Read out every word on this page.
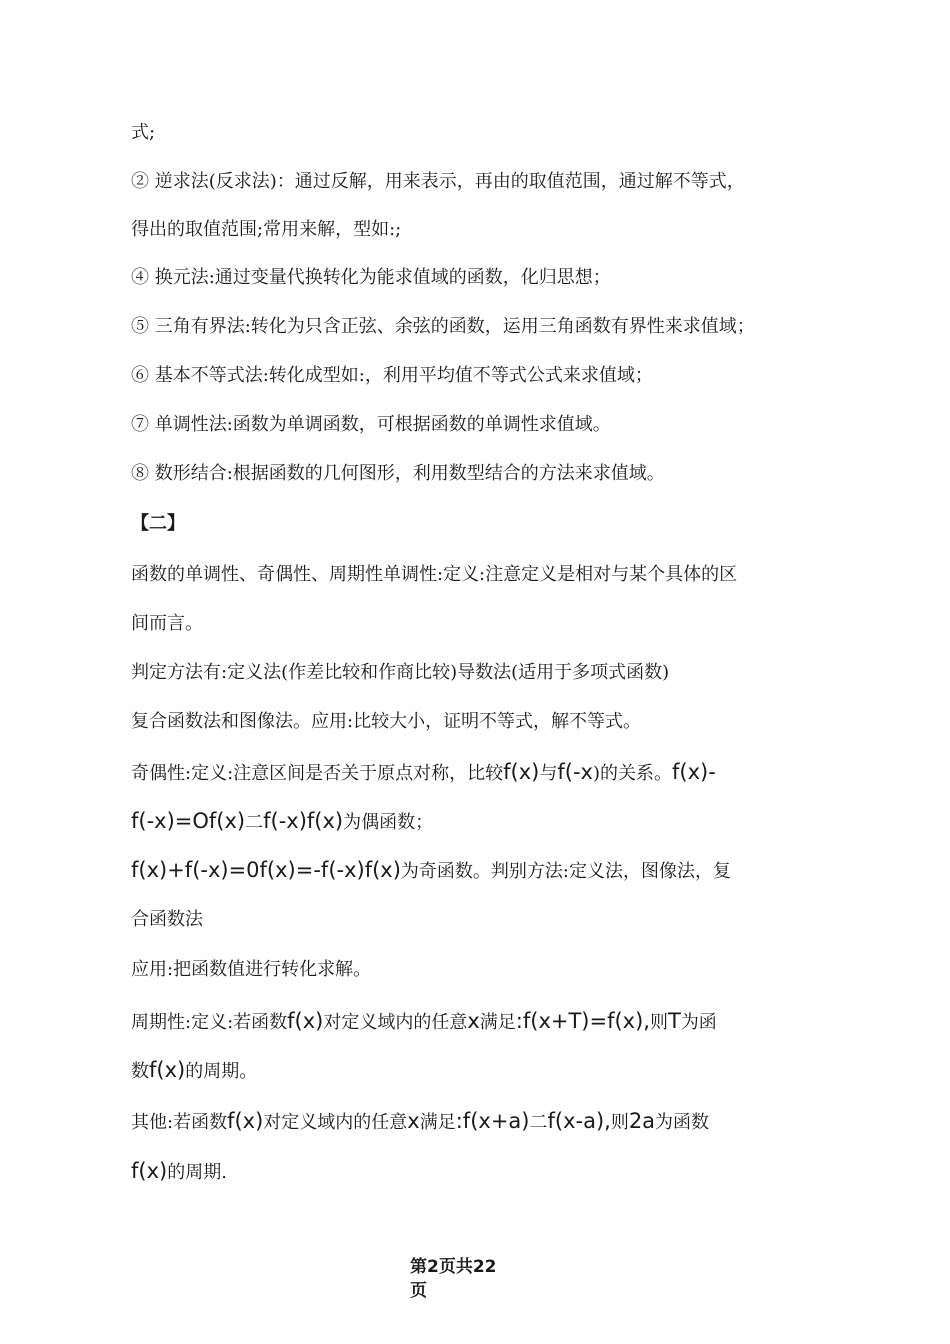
式;
② 逆求法(反求法)：通过反解，用来表示，再由的取值范围，通过解不等式，
得出的取值范围;常用来解，型如:;
④ 换元法:通过变量代换转化为能求值域的函数，化归思想；
⑤ 三角有界法:转化为只含正弦、余弦的函数，运用三角函数有界性来求值域；
⑥ 基本不等式法:转化成型如:，利用平均值不等式公式来求值域；
⑦ 单调性法:函数为单调函数，可根据函数的单调性求值域。
⑧ 数形结合:根据函数的几何图形，利用数型结合的方法来求值域。
【二】
函数的单调性、奇偶性、周期性单调性:定义:注意定义是相对与某个具体的区
间而言。
判定方法有:定义法(作差比较和作商比较)导数法(适用于多项式函数)
复合函数法和图像法。应用:比较大小，证明不等式，解不等式。
奇偶性:定义:注意区间是否关于原点对称，比较f(x)与f(-x)的关系。f(x)-
f(-x)=Of(x)二f(-x)f(x)为偶函数；
f(x)+f(-x)=0f(x)=-f(-x)f(x)为奇函数。判别方法:定义法，图像法，复
合函数法
应用:把函数值进行转化求解。
周期性:定义:若函数f(x)对定义域内的任意x满足:f(x+T)=f(x),则T为函
数f(x)的周期。
其他:若函数f(x)对定义域内的任意x满足:f(x+a)二f(x-a),则2a为函数
f(x)的周期.
第2页共22
页
